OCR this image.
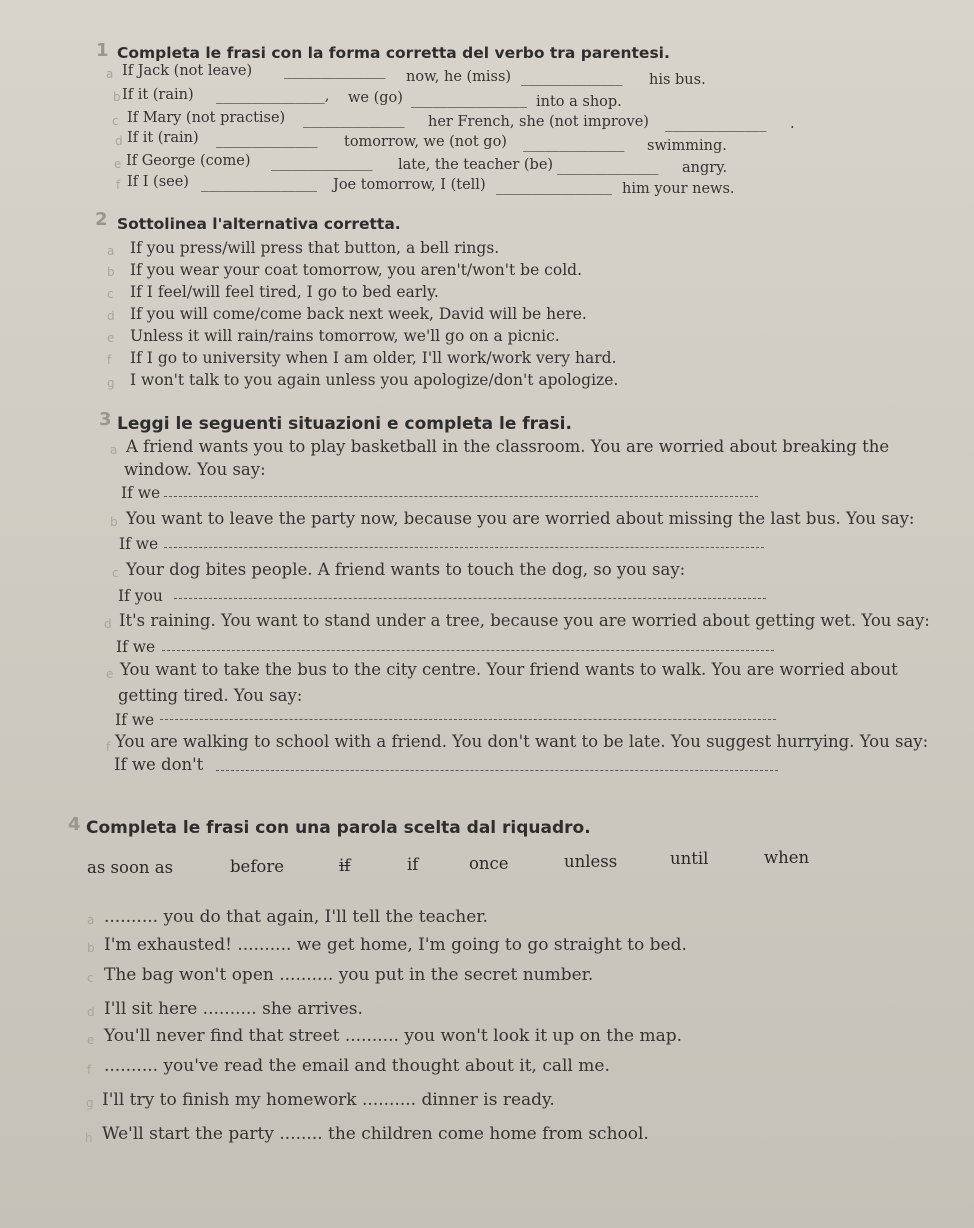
1 Completa le frasi con la forma corretta del verbo tra parentesi.
a If Jack (not leave) ______________ now, he (miss) ______________ his bus.
b If it (rain) _______________, we (go) ________________ into a shop.
c If Mary (not practise) ______________ her French, she (not improve) ______________ .
d If it (rain) ______________ tomorrow, we (not go) ______________ swimming.
e If George (come) ______________ late, the teacher (be) ______________ angry.
f If I (see) ________________ Joe tomorrow, I (tell) ________________ him your news.
2 Sottolinea l'alternativa corretta.
a If you press/will press that button, a bell rings.
b If you wear your coat tomorrow, you aren't/won't be cold.
c If I feel/will feel tired, I go to bed early.
d If you will come/come back next week, David will be here.
e Unless it will rain/rains tomorrow, we'll go on a picnic.
f If I go to university when I am older, I'll work/work very hard.
g I won't talk to you again unless you apologize/don't apologize.
3 Leggi le seguenti situazioni e completa le frasi.
a A friend wants you to play basketball in the classroom. You are worried about breaking the
window. You say:
If we
b You want to leave the party now, because you are worried about missing the last bus. You say:
If we
c Your dog bites people. A friend wants to touch the dog, so you say:
If you
d It's raining. You want to stand under a tree, because you are worried about getting wet. You say:
If we
e You want to take the bus to the city centre. Your friend wants to walk. You are worried about
getting tired. You say:
If we
f You are walking to school with a friend. You don't want to be late. You suggest hurrying. You say:
If we don't
4 Completa le frasi con una parola scelta dal riquadro.
as soon as	before	if	if	once	unless	until	when
a .......... you do that again, I'll tell the teacher.
b I'm exhausted! .......... we get home, I'm going to go straight to bed.
c The bag won't open .......... you put in the secret number.
d I'll sit here .......... she arrives.
e You'll never find that street .......... you won't look it up on the map.
f .......... you've read the email and thought about it, call me.
g I'll try to finish my homework .......... dinner is ready.
h We'll start the party ........ the children come home from school.
